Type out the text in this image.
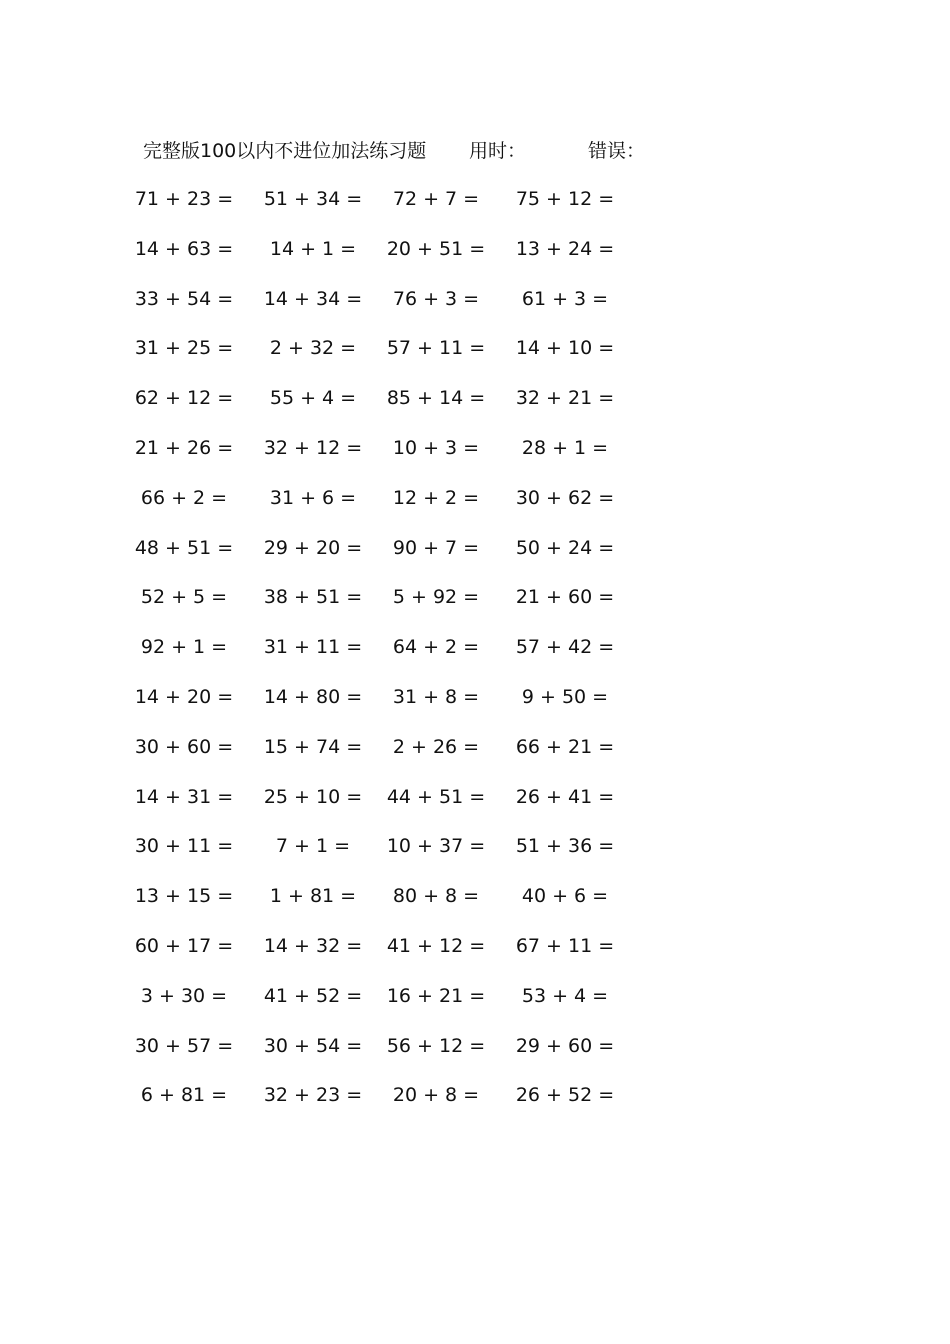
完整版100以内不进位加法练习题 用时：	错误：
71 + 23 =	51 + 34 =	72 + 7 =	75 + 12 =
14 + 63 =	14 + 1 =	20 + 51 =	13 + 24 =
33 + 54 =	14 + 34 =	76 + 3 =	61 + 3 =
31 + 25 =	2 + 32 =	57 + 11 =	14 + 10 =
62 + 12 =	55 + 4 =	85 + 14 =	32 + 21 =
21 + 26 =	32 + 12 =	10 + 3 =	28 + 1 =
66 + 2 =	31 + 6 =	12 + 2 =	30 + 62 =
48 + 51 =	29 + 20 =	90 + 7 =	50 + 24 =
52 + 5 =	38 + 51 =	5 + 92 =	21 + 60 =
92 + 1 =	31 + 11 =	64 + 2 =	57 + 42 =
14 + 20 =	14 + 80 =	31 + 8 =	9 + 50 =
30 + 60 =	15 + 74 =	2 + 26 =	66 + 21 =
14 + 31 =	25 + 10 =	44 + 51 =	26 + 41 =
30 + 11 =	7 + 1 =	10 + 37 =	51 + 36 =
13 + 15 =	1 + 81 =	80 + 8 =	40 + 6 =
60 + 17 =	14 + 32 =	41 + 12 =	67 + 11 =
3 + 30 =	41 + 52 =	16 + 21 =	53 + 4 =
30 + 57 =	30 + 54 =	56 + 12 =	29 + 60 =
6 + 81 =	32 + 23 =	20 + 8 =	26 + 52 =
